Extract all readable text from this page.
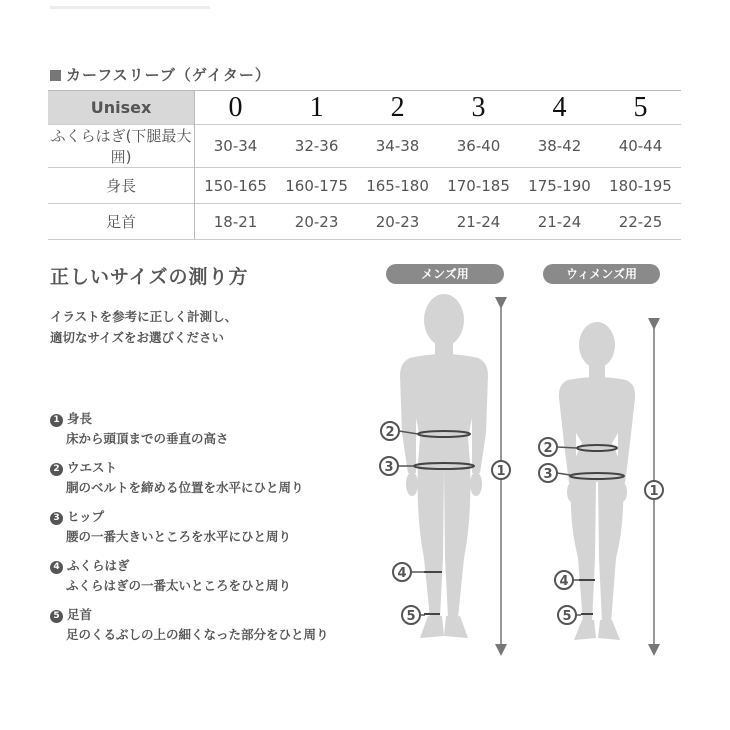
カーフスリーブ（ゲイター）
Unisex	0	1	2	3	4	5
ふくらはぎ(下腿最大囲)	30-34	32-36	34-38	36-40	38-42	40-44
身長	150-165	160-175	165-180	170-185	175-190	180-195
足首	18-21	20-23	20-23	21-24	21-24	22-25
正しいサイズの測り方
イラストを参考に正しく計測し、
適切なサイズをお選びください
1 身長
床から頭頂までの垂直の高さ
2 ウエスト
胴のベルトを締める位置を水平にひと周り
3 ヒップ
腰の一番大きいところを水平にひと周り
4 ふくらはぎ
ふくらはぎの一番太いところをひと周り
5 足首
足のくるぶしの上の細くなった部分をひと周り
メンズ用	ウィメンズ用
2
3	1
4
5
2
3
1
4
5
